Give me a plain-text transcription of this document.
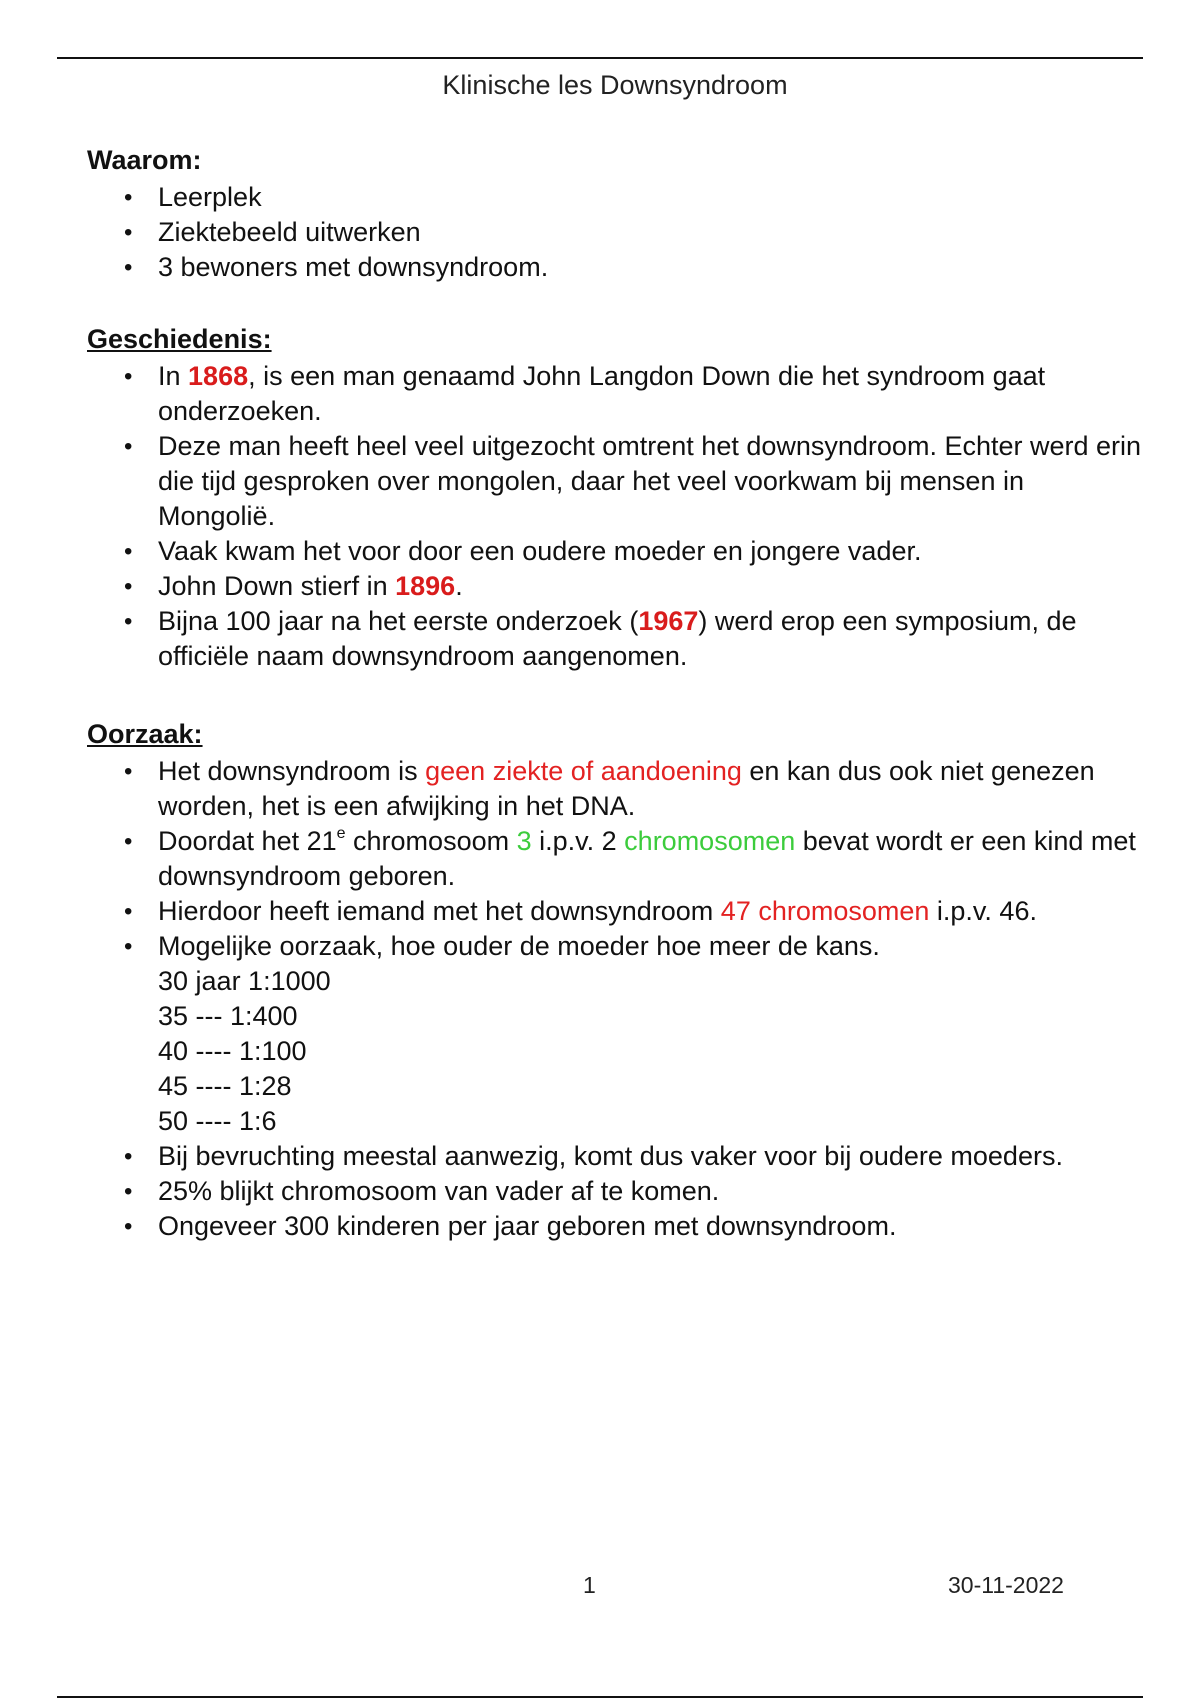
Klinische les Downsyndroom
Waarom:
• Leerplek
• Ziektebeeld uitwerken
• 3 bewoners met downsyndroom.
Geschiedenis:
• In 1868, is een man genaamd John Langdon Down die het syndroom gaat onderzoeken.
• Deze man heeft heel veel uitgezocht omtrent het downsyndroom. Echter werd erin die tijd gesproken over mongolen, daar het veel voorkwam bij mensen in Mongolië.
• Vaak kwam het voor door een oudere moeder en jongere vader.
• John Down stierf in 1896.
• Bijna 100 jaar na het eerste onderzoek (1967) werd erop een symposium, de officiële naam downsyndroom aangenomen.
Oorzaak:
• Het downsyndroom is geen ziekte of aandoening en kan dus ook niet genezen worden, het is een afwijking in het DNA.
• Doordat het 21e chromosoom 3 i.p.v. 2 chromosomen bevat wordt er een kind met downsyndroom geboren.
• Hierdoor heeft iemand met het downsyndroom 47 chromosomen i.p.v. 46.
• Mogelijke oorzaak, hoe ouder de moeder hoe meer de kans.
30 jaar 1:1000
35 --- 1:400
40 ---- 1:100
45 ---- 1:28
50 ---- 1:6
• Bij bevruchting meestal aanwezig, komt dus vaker voor bij oudere moeders.
• 25% blijkt chromosoom van vader af te komen.
• Ongeveer 300 kinderen per jaar geboren met downsyndroom.
1	30-11-2022
